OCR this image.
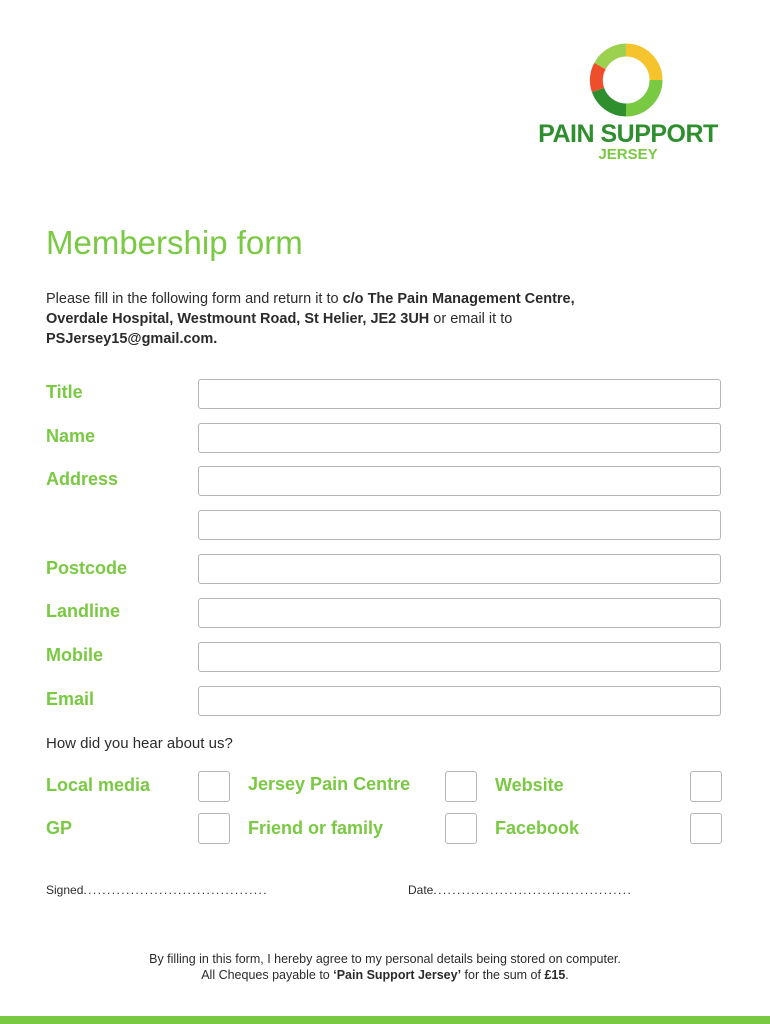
PAIN SUPPORT
JERSEY
Membership form
Please fill in the following form and return it to c/o The Pain Management Centre,
Overdale Hospital, Westmount Road, St Helier, JE2 3UH or email it to
PSJersey15@gmail.com.
Title
Name
Address
Postcode
Landline
Mobile
Email
How did you hear about us?
Local media	Jersey Pain Centre	Website
GP	Friend or family	Facebook
Signed.......................................	Date..........................................
By filling in this form, I hereby agree to my personal details being stored on computer.
All Cheques payable to ‘Pain Support Jersey’ for the sum of £15.
